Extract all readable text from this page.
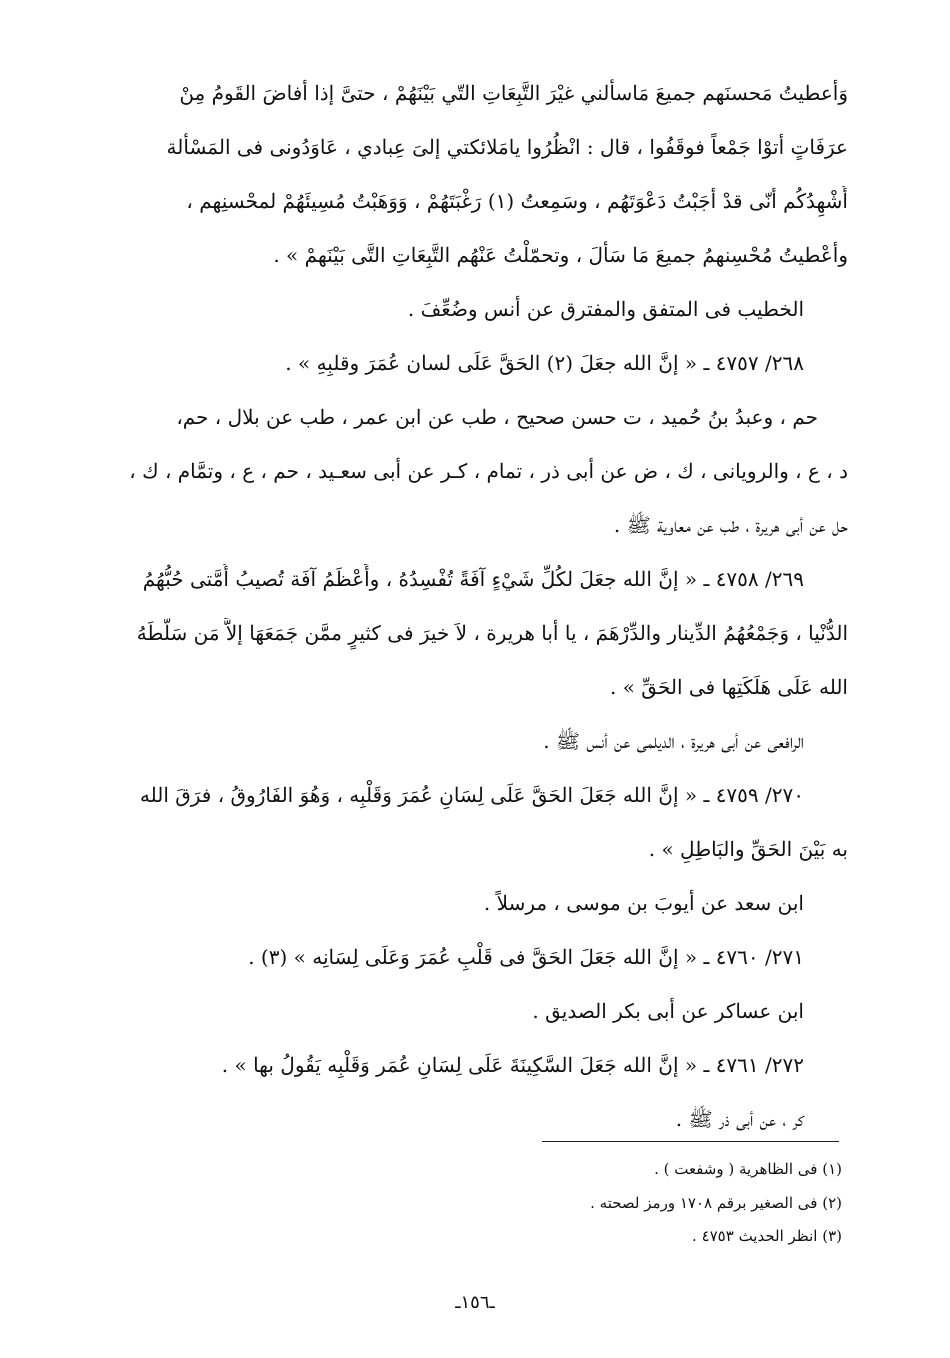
وَأعطيتُ مَحسنَهم جميعَ مَاسأَلني غيْرَ التَّبِعَاتِ التّي بَيْنَهُمْ ، حتىَّ إذا أفاضَ القَومُ مِنْ
عرَفَاتٍ أتوْا جَمْعاً فوقَفُوا ، قال : انْظُرُوا يامَلائكتي إلىَ عِبادي ، عَاوَدُونى فى المَسْأَلة
أُشْهِدُكُم أنّى قدْ أجَبْتُ دَعْوَتَهُم ، وسَمِعتُ (١) رَغْبَتَهُمْ ، وَوَهَبْتُ مُسِيئَهُمْ لمحْسنِهم ،
وأعْطيتُ مُحْسِنهمُ جميعَ مَا سَأَلَ ، وتحمّلْتُ عَنْهُم التَّبِعَاتِ التَّى بَيْنَهمْ » .
الخطيب فى المتفق والمفترق عن أنس وضُعِّفَ .
٢٦٨/ ٤٧٥٧ ـ « إنَّ الله جعَلَ (٢) الحَقَّ عَلَى لسان عُمَرَ وقلبِهِ » .
حم ، وعبدُ بنُ حُميد ، ت حسن صحيح ، طب عن ابن عمر ، طب عن بلال ، حم،
د ، ع ، والرويانى ، ك ، ض عن أبى ذر ، تمام ، كـر عن أبى سعـيد ، حم ، ع ، وتمَّام ، ك ،
حل عن أبى هريرة ، طب عن معاوية ﷺ .
٢٦٩/ ٤٧٥٨ ـ « إنَّ الله جعَلَ لكُلِّ شَيْءٍ آفَةً تُفْسِدُهُ ، وأَعْظَمُ آفَة تُصيبُ أُمَّتى حُبُّهُمُ
الدُّنْيا ، وَجَمْعُهُمُ الدِّينار والدِّرْهَمَ ، يا أبا هريرة ، لاَ خيرَ فى كثيرٍ ممَّن جَمَعَهَا إلاَّ مَن سَلَّطَهُ
الله عَلَى هَلَكَتِها فى الحَقِّ » .
الرافعى عن أبى هريرة ، الديلمى عن أنس ﷺ .
٢٧٠/ ٤٧٥٩ ـ « إنَّ الله جَعَلَ الحَقَّ عَلَى لِسَانِ عُمَرَ وَقَلْبِه ، وَهُوَ الفَارُوقُ ، فرَقَ الله
به بَيْنَ الحَقِّ والبَاطِلِ » .
ابن سعد عن أيوبَ بن موسى ، مرسلاً .
٢٧١/ ٤٧٦٠ ـ « إنَّ الله جَعَلَ الحَقَّ فى قَلْبِ عُمَرَ وَعَلَى لِسَانِه » (٣) .
ابن عساكر عن أبى بكر الصديق .
٢٧٢/ ٤٧٦١ ـ « إنَّ الله جَعَلَ السَّكِينَةَ عَلَى لِسَانِ عُمَر وَقَلْبِه يَقُولُ بها » .
كر ، عن أبى ذر ﷺ .
(١) فى الظاهرية ( وشفعت ) .
(٢) فى الصغير برقم ١٧٠٨ ورمز لصحته .
(٣) انظر الحديث ٤٧٥٣ .
ـ١٥٦ـ
